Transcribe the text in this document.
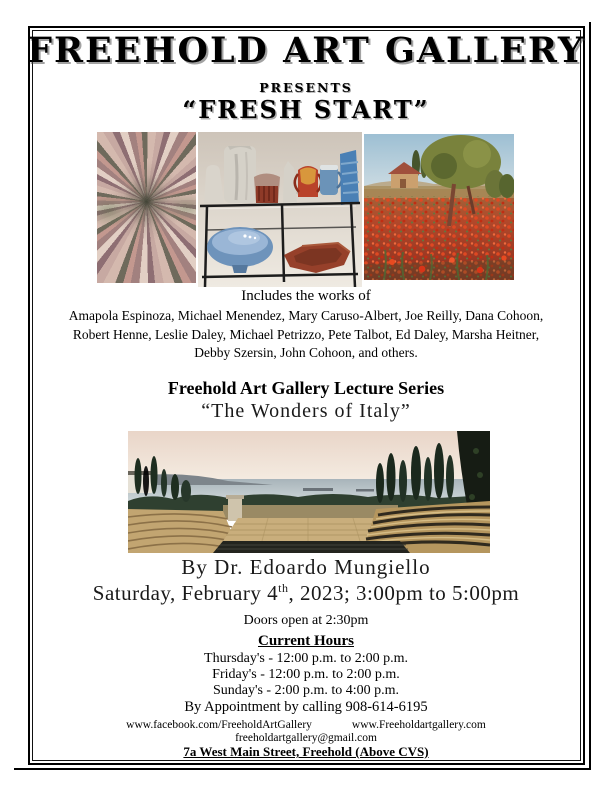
FREEHOLD ART GALLERY
PRESENTS
“FRESH START”
Includes the works of
Amapola Espinoza, Michael Menendez, Mary Caruso-Albert, Joe Reilly, Dana Cohoon,
Robert Henne, Leslie Daley, Michael Petrizzo, Pete Talbot, Ed Daley, Marsha Heitner,
Debby Szersin, John Cohoon, and others.
Freehold Art Gallery Lecture Series
“The Wonders of Italy”
By Dr. Edoardo Mungiello
Saturday, February 4th, 2023; 3:00pm to 5:00pm
Doors open at 2:30pm
Current Hours
Thursday's - 12:00 p.m. to 2:00 p.m.
Friday's - 12:00 p.m. to 2:00 p.m.
Sunday's - 2:00 p.m. to 4:00 p.m.
By Appointment by calling 908-614-6195
www.facebook.com/FreeholdArtGallery	www.Freeholdartgallery.com
freeholdartgallery@gmail.com
7a West Main Street, Freehold (Above CVS)
